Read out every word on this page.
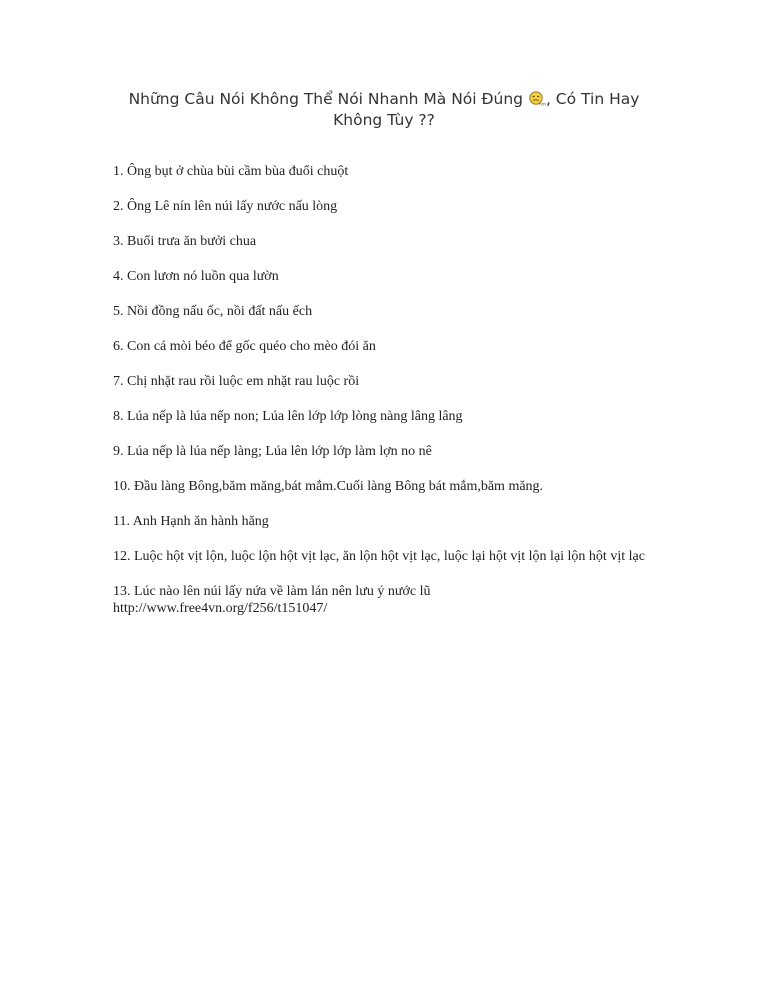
Những Câu Nói Không Thể Nói Nhanh Mà Nói Đúng	hm , Có Tin Hay
Không Tùy ??
1. Ông bụt ở chùa bùi cầm bùa đuổi chuột
2. Ông Lê nín lên núi lấy nước nấu lòng
3. Buổi trưa ăn bưởi chua
4. Con lươn nó luồn qua lườn
5. Nồi đồng nấu ốc, nồi đất nấu ếch
6. Con cá mòi béo để gốc quéo cho mèo đói ăn
7. Chị nhặt rau rồi luộc em nhặt rau luộc rồi
8. Lúa nếp là lúa nếp non; Lúa lên lớp lớp lòng nàng lâng lâng
9. Lúa nếp là lúa nếp làng; Lúa lên lớp lớp làm lợn no nê
10. Đầu làng Bông,băm măng,bát mắm.Cuối làng Bông bát mắm,băm măng.
11. Anh Hạnh ăn hành hăng
12. Luộc hột vịt lộn, luộc lộn hột vịt lạc, ăn lộn hột vịt lạc, luộc lại hột vịt lộn lại lộn hột vịt lạc
13. Lúc nào lên núi lấy nứa về làm lán nên lưu ý nước lũ
http://www.free4vn.org/f256/t151047/
